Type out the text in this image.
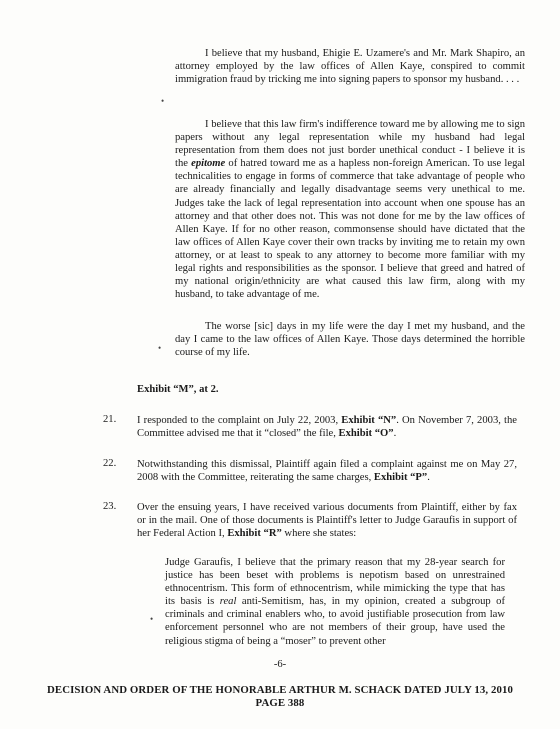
I believe that my husband, Ehigie E. Uzamere's and Mr. Mark Shapiro, an attorney employed by the law offices of Allen Kaye, conspired to commit immigration fraud by tricking me into signing papers to sponsor my husband. . . .
•
I believe that this law firm's indifference toward me by allowing me to sign papers without any legal representation while my husband had legal representation from them does not just border unethical conduct - I believe it is the epitome of hatred toward me as a hapless non-foreign American. To use legal technicalities to engage in forms of commerce that take advantage of people who are already financially and legally disadvantage seems very unethical to me. Judges take the lack of legal representation into account when one spouse has an attorney and that other does not. This was not done for me by the law offices of Allen Kaye. If for no other reason, commonsense should have dictated that the law offices of Allen Kaye cover their own tracks by inviting me to retain my own attorney, or at least to speak to any attorney to become more familiar with my legal rights and responsibilities as the sponsor. I believe that greed and hatred of my national origin/ethnicity are what caused this law firm, along with my husband, to take advantage of me.
The worse [sic] days in my life were the day I met my husband, and the day I came to the law offices of Allen Kaye. Those days determined the horrible course of my life.
•
Exhibit “M”, at 2.
21. I responded to the complaint on July 22, 2003, Exhibit “N”. On November 7, 2003, the Committee advised me that it “closed” the file, Exhibit “O”.
22. Notwithstanding this dismissal, Plaintiff again filed a complaint against me on May 27, 2008 with the Committee, reiterating the same charges, Exhibit “P”.
23. Over the ensuing years, I have received various documents from Plaintiff, either by fax or in the mail. One of those documents is Plaintiff's letter to Judge Garaufis in support of her Federal Action I, Exhibit “R” where she states:
Judge Garaufis, I believe that the primary reason that my 28-year search for justice has been beset with problems is nepotism based on unrestrained ethnocentrism. This form of ethnocentrism, while mimicking the type that has its basis is real anti-Semitism, has, in my opinion, created a subgroup of criminals and criminal enablers who, to avoid justifiable prosecution from law enforcement personnel who are not members of their group, have used the religious stigma of being a “moser” to prevent other
•
-6-
DECISION AND ORDER OF THE HONORABLE ARTHUR M. SCHACK DATED JULY 13, 2010
PAGE 388
